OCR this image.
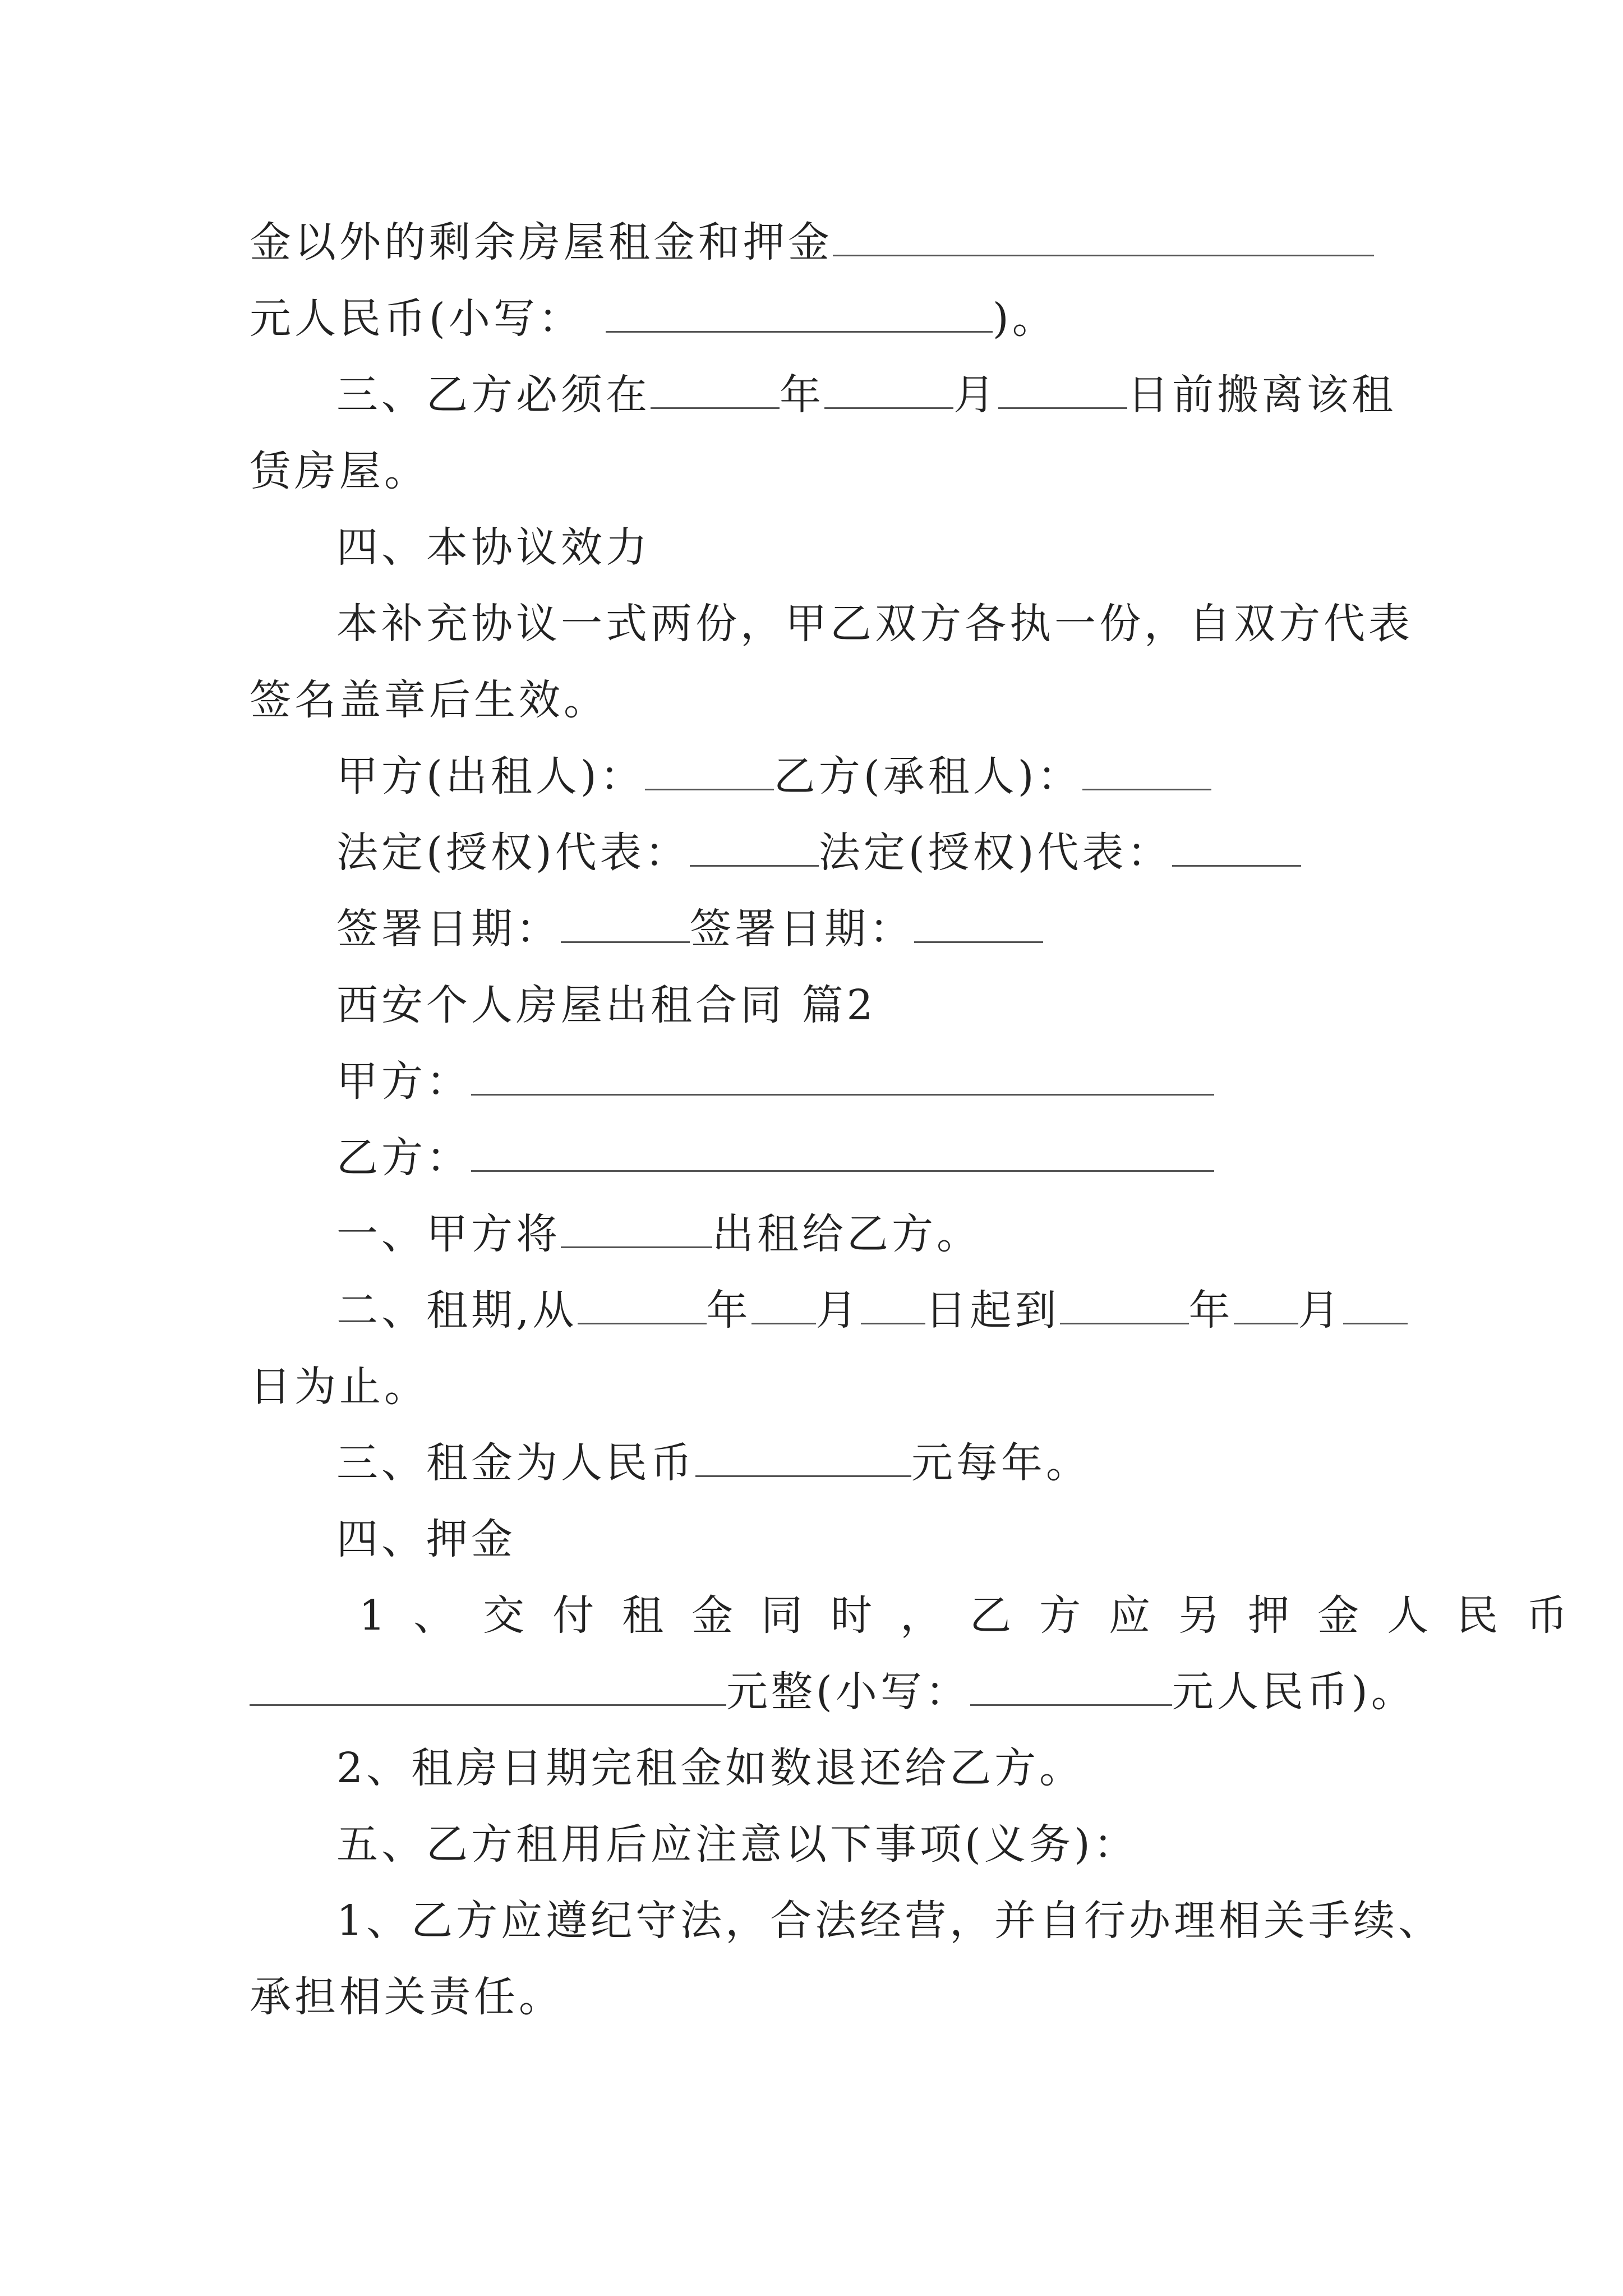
金以外的剩余房屋租金和押金
元人民币(小写：	)。
三、乙方必须在	年	月	日前搬离该租
赁房屋。
四、本协议效力
本补充协议一式两份，甲乙双方各执一份，自双方代表
签名盖章后生效。
甲方(出租人)：	乙方(承租人)：
法定(授权)代表：	法定(授权)代表：
签署日期：	签署日期：
西安个人房屋出租合同 篇2
甲方：
乙方：
一、甲方将	出租给乙方。
二、租期,从	年 月 日起到	年 月
日为止。
三、租金为人民币	元每年。
四、押金
1、交付租金同时，乙方应另押金人民币
元整(小写：	元人民币)。
2、租房日期完租金如数退还给乙方。
五、乙方租用后应注意以下事项(义务)：
1、乙方应遵纪守法，合法经营，并自行办理相关手续、
承担相关责任。
